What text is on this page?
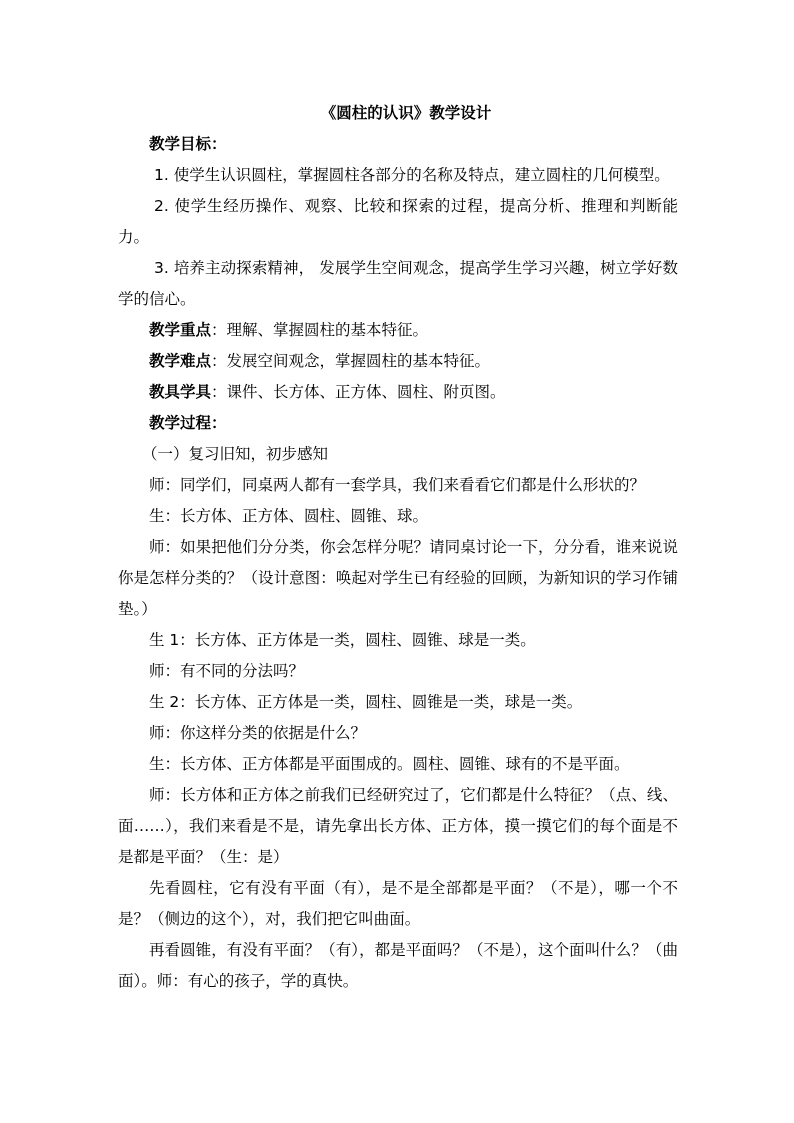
《圆柱的认识》教学设计

教学目标：

1. 使学生认识圆柱，掌握圆柱各部分的名称及特点，建立圆柱的几何模型。

2. 使学生经历操作、观察、比较和探索的过程，提高分析、推理和判断能力。

3. 培养主动探索精神， 发展学生空间观念，提高学生学习兴趣，树立学好数学的信心。

教学重点：理解、掌握圆柱的基本特征。

教学难点：发展空间观念，掌握圆柱的基本特征。

教具学具：课件、长方体、正方体、圆柱、附页图。

教学过程：

（一）复习旧知，初步感知

师：同学们，同桌两人都有一套学具，我们来看看它们都是什么形状的？

生：长方体、正方体、圆柱、圆锥、球。

师：如果把他们分分类，你会怎样分呢？请同桌讨论一下，分分看，谁来说说你是怎样分类的？（设计意图：唤起对学生已有经验的回顾，为新知识的学习作铺垫。）

生 1：长方体、正方体是一类，圆柱、圆锥、球是一类。

师：有不同的分法吗？

生 2：长方体、正方体是一类，圆柱、圆锥是一类，球是一类。

师：你这样分类的依据是什么？

生：长方体、正方体都是平面围成的。圆柱、圆锥、球有的不是平面。

师：长方体和正方体之前我们已经研究过了，它们都是什么特征？（点、线、面……），我们来看是不是，请先拿出长方体、正方体，摸一摸它们的每个面是不是都是平面？（生：是）

先看圆柱，它有没有平面（有），是不是全部都是平面？（不是），哪一个不是？（侧边的这个），对，我们把它叫曲面。

再看圆锥，有没有平面？（有），都是平面吗？（不是），这个面叫什么？（曲面）。师：有心的孩子，学的真快。
